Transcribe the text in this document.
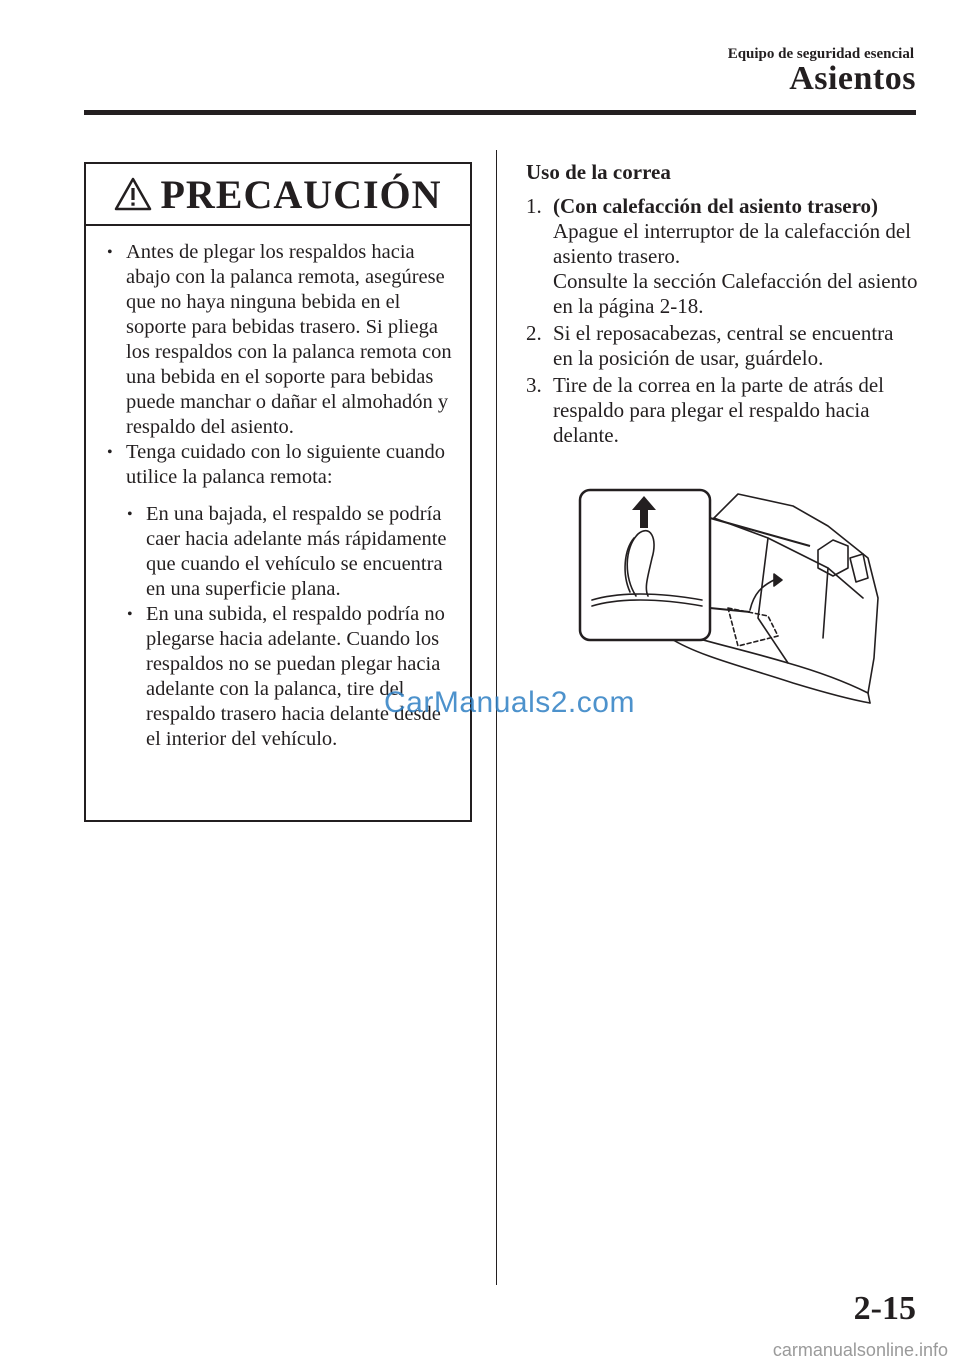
Equipo de seguridad esencial
Asientos
PRECAUCIÓN
• Antes de plegar los respaldos hacia abajo con la palanca remota, asegúrese que no haya ninguna bebida en el soporte para bebidas trasero. Si pliega los respaldos con la palanca remota con una bebida en el soporte para bebidas puede manchar o dañar el almohadón y respaldo del asiento.
• Tenga cuidado con lo siguiente cuando utilice la palanca remota:
• En una bajada, el respaldo se podría caer hacia adelante más rápidamente que cuando el vehículo se encuentra en una superficie plana.
• En una subida, el respaldo podría no plegarse hacia adelante. Cuando los respaldos no se puedan plegar hacia adelante con la palanca, tire del respaldo trasero hacia delante desde el interior del vehículo.
Uso de la correa
1. (Con calefacción del asiento trasero)
Apague el interruptor de la calefacción del asiento trasero.
Consulte la sección Calefacción del asiento en la página 2-18.
2. Si el reposacabezas, central se encuentra en la posición de usar, guárdelo.
3. Tire de la correa en la parte de atrás del respaldo para plegar el respaldo hacia delante.
2-15
CarManuals2.com
carmanualsonline.info
